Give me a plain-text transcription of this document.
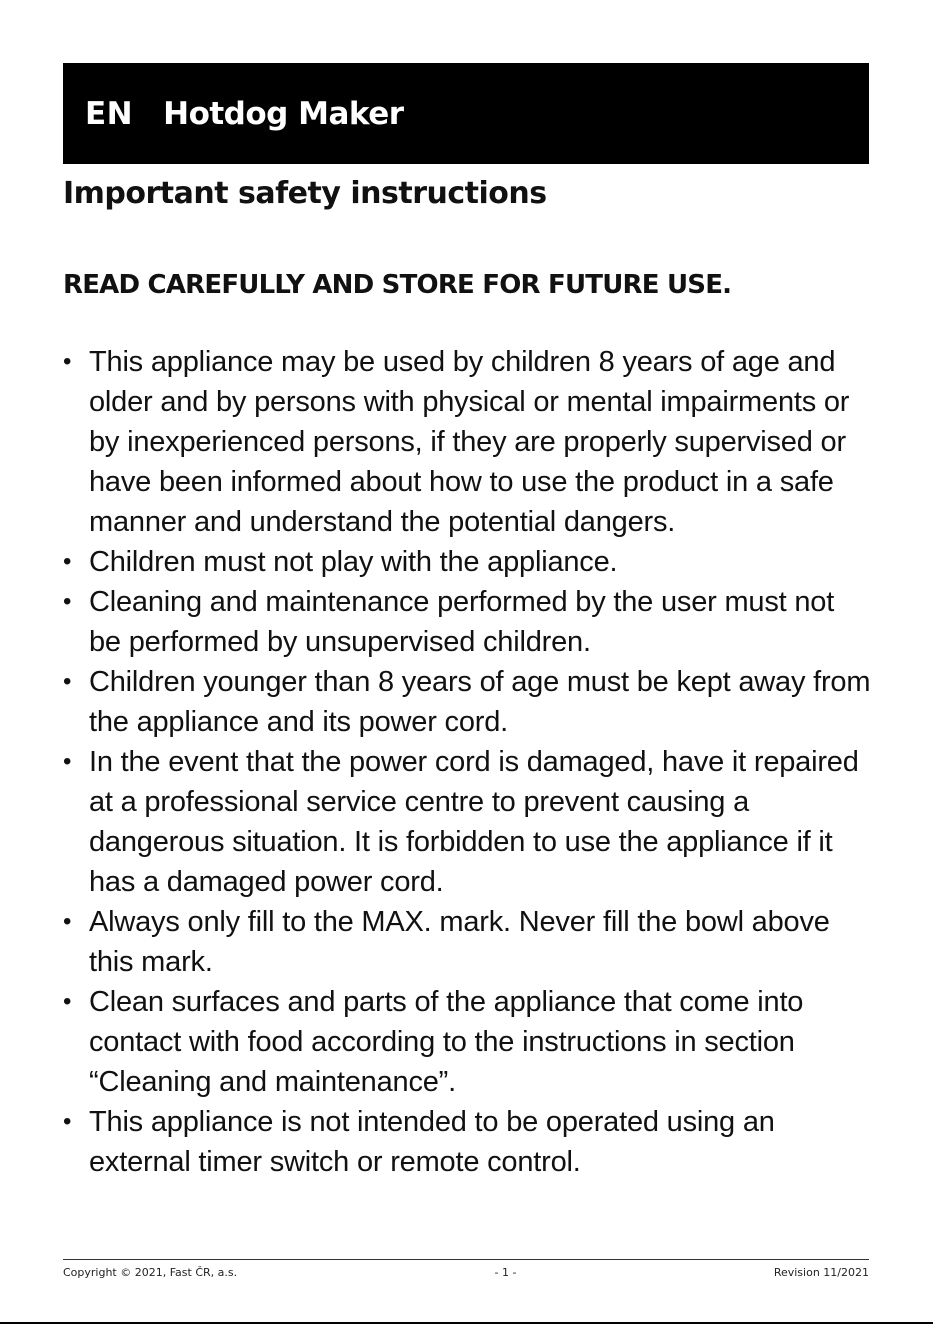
EN Hotdog Maker
Important safety instructions
READ CAREFULLY AND STORE FOR FUTURE USE.
• This appliance may be used by children 8 years of age and older and by persons with physical or mental impairments or by inexperienced persons, if they are properly supervised or have been informed about how to use the product in a safe manner and understand the potential dangers.
• Children must not play with the appliance.
• Cleaning and maintenance performed by the user must not be performed by unsupervised children.
• Children younger than 8 years of age must be kept away from the appliance and its power cord.
• In the event that the power cord is damaged, have it repaired at a professional service centre to prevent causing a dangerous situation. It is forbidden to use the appliance if it has a damaged power cord.
• Always only fill to the MAX. mark. Never fill the bowl above this mark.
• Clean surfaces and parts of the appliance that come into contact with food according to the instructions in section “Cleaning and maintenance”.
• This appliance is not intended to be operated using an external timer switch or remote control.
Copyright © 2021, Fast ČR, a.s.	- 1 -	Revision 11/2021
